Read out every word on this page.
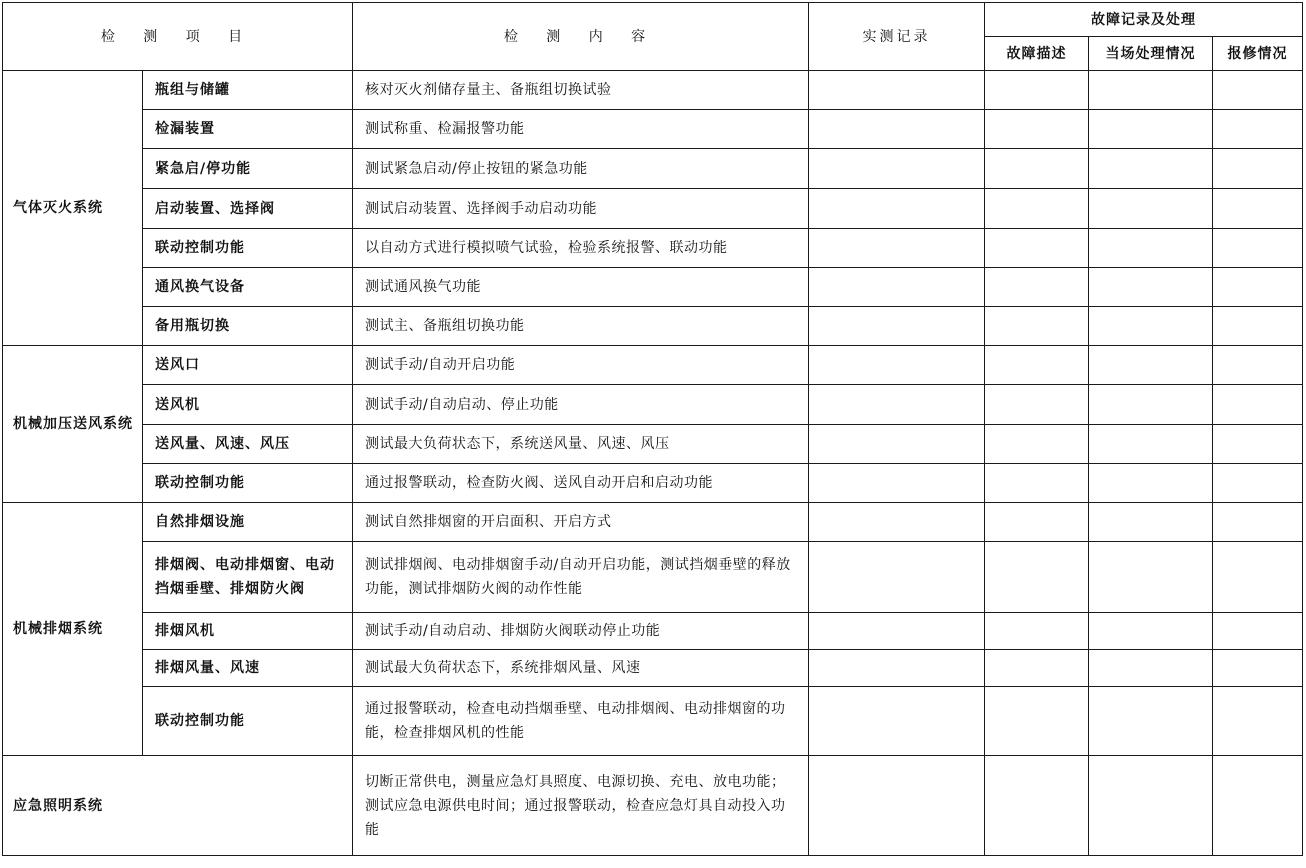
检 测 项 目		检 测 内 容	实测记录	故障记录及处理		
				故障描述	当场处理情况	报修情况
气体灭火系统	瓶组与储罐	核对灭火剂储存量主、备瓶组切换试验				
	检漏装置	测试称重、检漏报警功能				
	紧急启/停功能	测试紧急启动/停止按钮的紧急功能				
	启动装置、选择阀	测试启动装置、选择阀手动启动功能				
	联动控制功能	以自动方式进行模拟喷气试验，检验系统报警、联动功能				
	通风换气设备	测试通风换气功能				
	备用瓶切换	测试主、备瓶组切换功能				
机械加压送风系统	送风口	测试手动/自动开启功能				
	送风机	测试手动/自动启动、停止功能				
	送风量、风速、风压	测试最大负荷状态下，系统送风量、风速、风压				
	联动控制功能	通过报警联动，检查防火阀、送风自动开启和启动功能				
机械排烟系统	自然排烟设施	测试自然排烟窗的开启面积、开启方式				
	排烟阀、电动排烟窗、电动挡烟垂壁、排烟防火阀	测试排烟阀、电动排烟窗手动/自动开启功能，测试挡烟垂壁的释放功能，测试排烟防火阀的动作性能				
	排烟风机	测试手动/自动启动、排烟防火阀联动停止功能				
	排烟风量、风速	测试最大负荷状态下，系统排烟风量、风速				
	联动控制功能	通过报警联动，检查电动挡烟垂壁、电动排烟阀、电动排烟窗的功能，检查排烟风机的性能				
应急照明系统		切断正常供电，测量应急灯具照度、电源切换、充电、放电功能；测试应急电源供电时间；通过报警联动，检查应急灯具自动投入功能				
